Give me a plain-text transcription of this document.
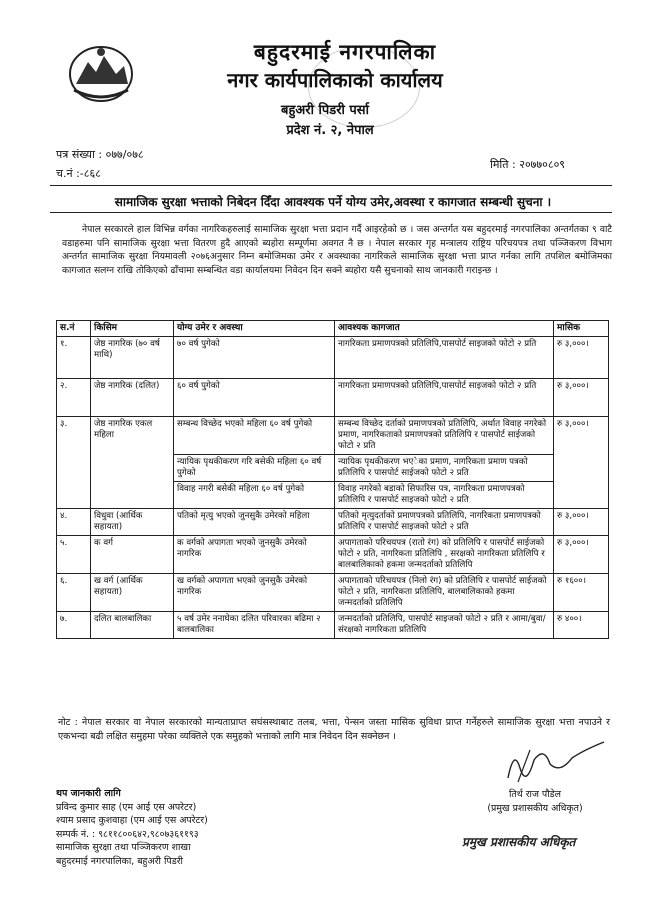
बहुदरमाई नगरपालिका
नगर कार्यपालिकाको कार्यालय
बहुअरी पिडरी पर्सा
प्रदेश नं. २, नेपाल
पत्र संख्या : ०७७/०७८
च.नं :-८६८
मिति : २०७७०८०९
सामाजिक सुरक्षा भत्ताको निबेदन दिँदा आवश्यक पर्ने योग्य उमेर,अवस्था र कागजात सम्बन्धी सुचना ।
नेपाल सरकारले हाल विभिन्न वर्गका नागरिकहरुलाई सामाजिक सुरक्षा भत्ता प्रदान गर्दै आइरहेको छ । जस अन्तर्गत यस बहुदरमाई नगरपालिका अन्तर्गतका ९ वाटै वडाहरुमा पनि सामाजिक सुरक्षा भत्ता वितरण हुदै आएको ब्यहोरा सम्पूर्णमा अवगत नै छ । नेपाल सरकार गृह मन्त्रालय राष्ट्रिय परिचयपत्र तथा पञ्जिकरण विभाग अन्तर्गत सामाजिक सुरक्षा नियमावली २०७६अनुसार निम्न बमोजिमका उमेर र अवस्थाका नागरिकले सामाजिक सुरक्षा भत्ता प्राप्त गर्नका लागि तपशिल बमोजिमका कागजात सलग्न राखि तोकिएको ढाँचामा सम्बन्धित वडा कार्यालयमा निवेदन दिन सक्ने ब्यहोरा यसै सुचनाको साथ जानकारी गराइन्छ ।
स.नं	किसिम	योग्य उमेर र अवस्था	आवश्यक कागजात	मासिक
१.	जेष्ठ नागरिक (७० वर्ष माथि)	७० वर्ष पुगेको	नागरिकता प्रमाणपत्रको प्रतिलिपि,पासपोर्ट साइजको फोटो २ प्रति	रु ३,०००।
२.	जेष्ठ नागरिक (दलित)	६० वर्ष पुगेको	नागरिकता प्रमाणपत्रको प्रतिलिपि,पासपोर्ट साइजको फोटो २ प्रति	रु ३,०००।
३.	जेष्ठ नागरिक एकल महिला	सम्बन्ध विच्छेद भएको महिला ६० वर्ष पुगेको	सम्बन्ध विच्छेद दर्ताको प्रमाणपत्रको प्रतिलिपि, अर्थात विवाह नगरेको प्रमाण, नागरिकताको प्रमाणपत्रको प्रतिलिपि र पासपोर्ट साईजको फोटो २ प्रति	रु ३,०००।
		न्यायिक पृथकीकरण गरि बसेकी महिला ६० वर्ष पुगेको	न्यायिक पृथकीकरण भएेका प्रमाण, नागरिकता प्रमाण पत्रको प्रतिलिपि र पासपोर्ट साईजको फोटो २ प्रति	
		विवाह नगरी बसेकी महिला ६० वर्ष पुगेको	विवाह नगरेको बडाको सिफारिस पत्र, नागरिकता प्रमाणपत्रको प्रतिलिपि र पासपोर्ट साइजको फोटो २ प्रति	
४.	विधुवा (आर्थिक सहायता)	पतिको मृत्यु भएको जुनसुकै उमेरको महिला	पतिको मृत्युदर्ताको प्रमाणपत्रको प्रतिलिपि, नागरिकता प्रमाणपत्रको प्रतिलिपि र पासपोर्ट साइजको फोटो २ प्रति	रु ३,०००।
५.	क वर्ग	क वर्गको अपागता भएको जुनसुकै उमेरको नागरिक	अपागताको परिचयपत्र (रातो रंग) को प्रतिलिपि र पासपोर्ट साईजको फोटो २ प्रति, नागरिकता प्रतिलिपि , सरक्षको नागरिकता प्रतिलिपि र बालबालिकाको हकमा जन्मदर्ताको प्रतिलिपि	रु ३,०००।
६.	ख वर्ग (आर्थिक सहायता)	ख वर्गको अपागता भएको जुनसुकै उमेरको नागरिक	अपागताको परिचयपत्र (निलो रंग) को प्रतिलिपि र पासपोर्ट साईजको फोटो २ प्रति, नागरिकता प्रतिलिपि, बालबालिकाको हकमा जन्मदर्ताको प्रतिलिपि	रु १६००।
७.	दलित बालबालिका	५ वर्ष उमेर ननाघेका दलित परिवारका बढिमा २ बालबालिका	जन्मदर्ताको प्रतिलिपि, पासपोर्ट साइजको फोटो २ प्रति र आमा/बुवा/संरक्षको नागरिकता प्रतिलिपि	रु ४००।
नोट : नेपाल सरकार वा नेपाल सरकारको मान्यताप्राप्त सघंसस्थाबाट तलब, भत्ता, पेन्सन जस्ता मासिक सुविधा प्राप्त गर्नेहरुले सामाजिक सुरक्षा भत्ता नपाउने र एकभन्दा बढी लक्षित समुहमा परेका व्यक्तिले एक समुहको भत्ताको लागि मात्र निवेदन दिन सक्नेछन ।
थप जानकारी लागि
प्रविन्द कुमार साह (एम आई एस अपरेटर)
श्याम प्रसाद कुशवाहा (एम आई एस अपरेटर)
सम्पर्क नं. : ९८११८००६४२,९८०७३६११९३
सामाजिक सुरक्षा तथा पञ्जिकरण शाखा
बहुदरमाई नगरपालिका, बहुअरी पिडरी
तिर्थ राज पौडेल
(प्रमुख प्रशासकीय अधिकृत)
प्रमुख प्रशासकीय अधिकृत
